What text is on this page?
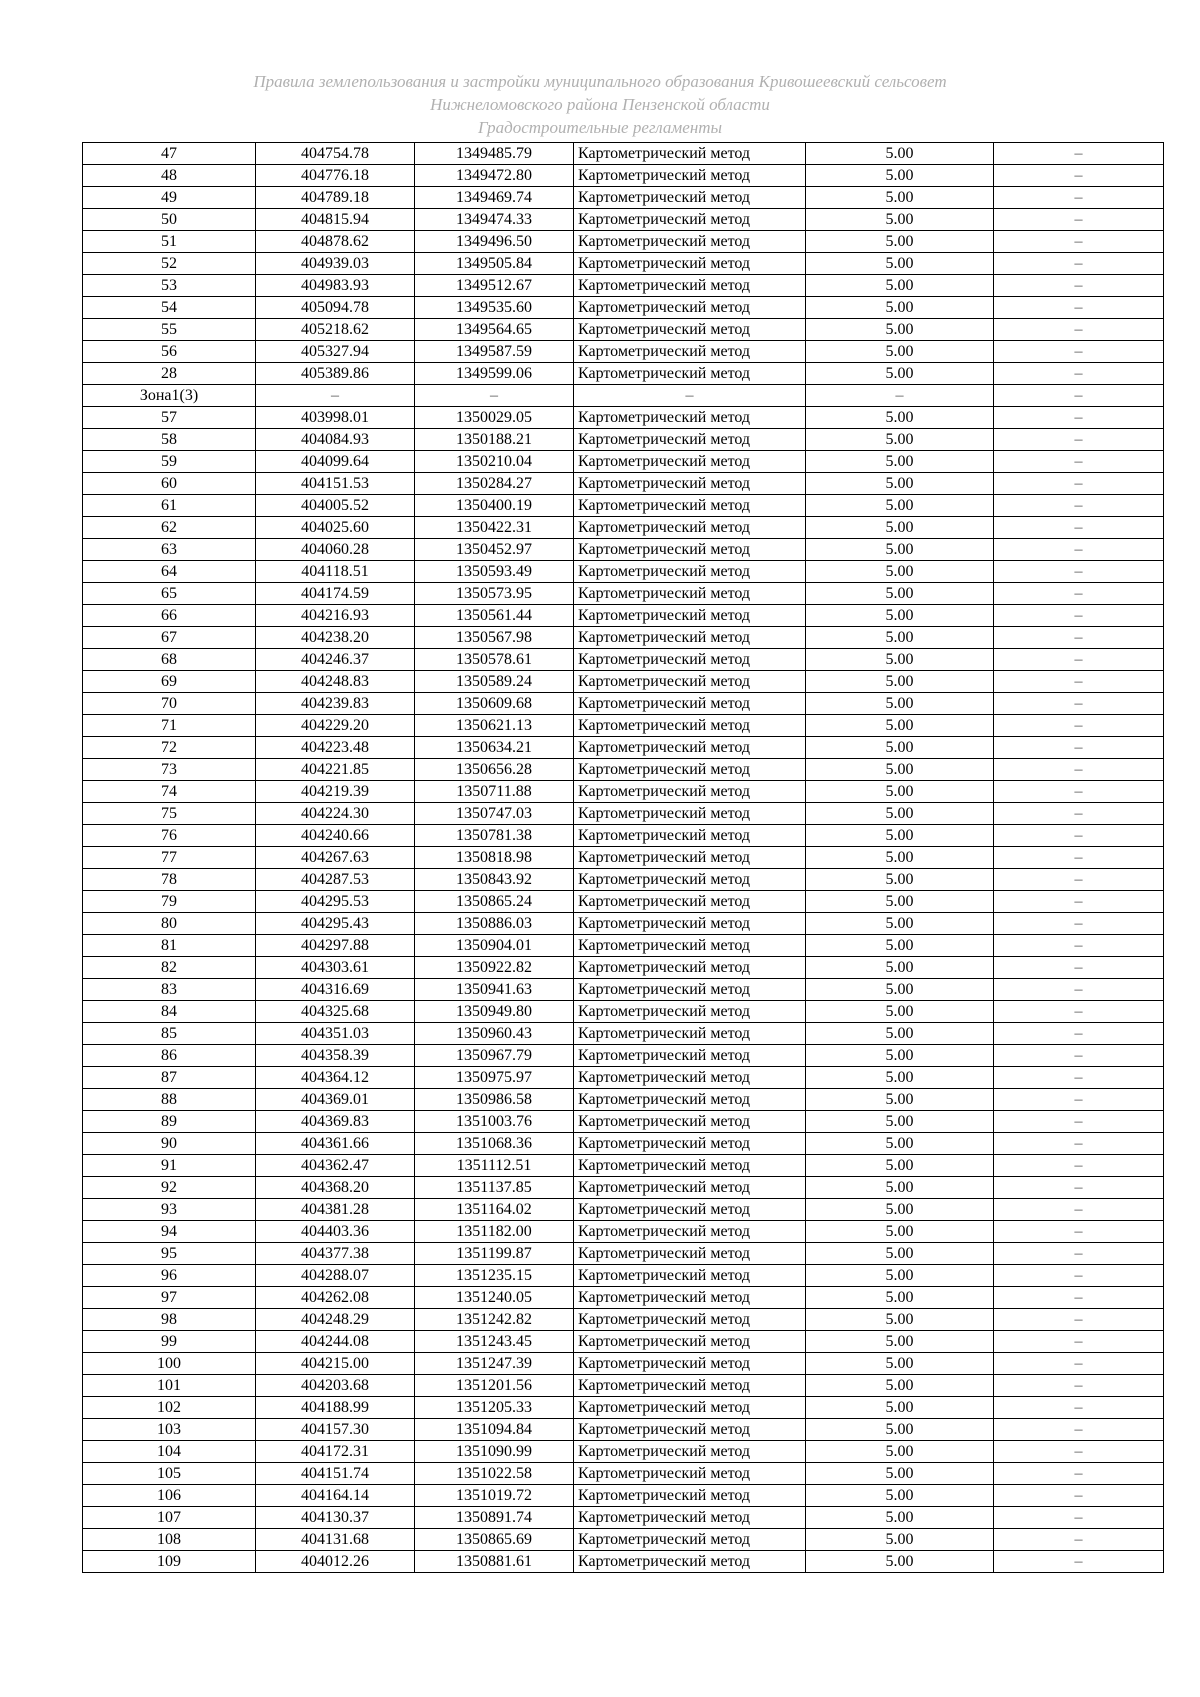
Правила землепользования и застройки муниципального образования Кривошеевский сельсовет
Нижнеломовского района Пензенской области
Градостроительные регламенты
47	404754.78	1349485.79	Картометрический метод	5.00	–
48	404776.18	1349472.80	Картометрический метод	5.00	–
49	404789.18	1349469.74	Картометрический метод	5.00	–
50	404815.94	1349474.33	Картометрический метод	5.00	–
51	404878.62	1349496.50	Картометрический метод	5.00	–
52	404939.03	1349505.84	Картометрический метод	5.00	–
53	404983.93	1349512.67	Картометрический метод	5.00	–
54	405094.78	1349535.60	Картометрический метод	5.00	–
55	405218.62	1349564.65	Картометрический метод	5.00	–
56	405327.94	1349587.59	Картометрический метод	5.00	–
28	405389.86	1349599.06	Картометрический метод	5.00	–
Зона1(3)	–	–	–	–	–
57	403998.01	1350029.05	Картометрический метод	5.00	–
58	404084.93	1350188.21	Картометрический метод	5.00	–
59	404099.64	1350210.04	Картометрический метод	5.00	–
60	404151.53	1350284.27	Картометрический метод	5.00	–
61	404005.52	1350400.19	Картометрический метод	5.00	–
62	404025.60	1350422.31	Картометрический метод	5.00	–
63	404060.28	1350452.97	Картометрический метод	5.00	–
64	404118.51	1350593.49	Картометрический метод	5.00	–
65	404174.59	1350573.95	Картометрический метод	5.00	–
66	404216.93	1350561.44	Картометрический метод	5.00	–
67	404238.20	1350567.98	Картометрический метод	5.00	–
68	404246.37	1350578.61	Картометрический метод	5.00	–
69	404248.83	1350589.24	Картометрический метод	5.00	–
70	404239.83	1350609.68	Картометрический метод	5.00	–
71	404229.20	1350621.13	Картометрический метод	5.00	–
72	404223.48	1350634.21	Картометрический метод	5.00	–
73	404221.85	1350656.28	Картометрический метод	5.00	–
74	404219.39	1350711.88	Картометрический метод	5.00	–
75	404224.30	1350747.03	Картометрический метод	5.00	–
76	404240.66	1350781.38	Картометрический метод	5.00	–
77	404267.63	1350818.98	Картометрический метод	5.00	–
78	404287.53	1350843.92	Картометрический метод	5.00	–
79	404295.53	1350865.24	Картометрический метод	5.00	–
80	404295.43	1350886.03	Картометрический метод	5.00	–
81	404297.88	1350904.01	Картометрический метод	5.00	–
82	404303.61	1350922.82	Картометрический метод	5.00	–
83	404316.69	1350941.63	Картометрический метод	5.00	–
84	404325.68	1350949.80	Картометрический метод	5.00	–
85	404351.03	1350960.43	Картометрический метод	5.00	–
86	404358.39	1350967.79	Картометрический метод	5.00	–
87	404364.12	1350975.97	Картометрический метод	5.00	–
88	404369.01	1350986.58	Картометрический метод	5.00	–
89	404369.83	1351003.76	Картометрический метод	5.00	–
90	404361.66	1351068.36	Картометрический метод	5.00	–
91	404362.47	1351112.51	Картометрический метод	5.00	–
92	404368.20	1351137.85	Картометрический метод	5.00	–
93	404381.28	1351164.02	Картометрический метод	5.00	–
94	404403.36	1351182.00	Картометрический метод	5.00	–
95	404377.38	1351199.87	Картометрический метод	5.00	–
96	404288.07	1351235.15	Картометрический метод	5.00	–
97	404262.08	1351240.05	Картометрический метод	5.00	–
98	404248.29	1351242.82	Картометрический метод	5.00	–
99	404244.08	1351243.45	Картометрический метод	5.00	–
100	404215.00	1351247.39	Картометрический метод	5.00	–
101	404203.68	1351201.56	Картометрический метод	5.00	–
102	404188.99	1351205.33	Картометрический метод	5.00	–
103	404157.30	1351094.84	Картометрический метод	5.00	–
104	404172.31	1351090.99	Картометрический метод	5.00	–
105	404151.74	1351022.58	Картометрический метод	5.00	–
106	404164.14	1351019.72	Картометрический метод	5.00	–
107	404130.37	1350891.74	Картометрический метод	5.00	–
108	404131.68	1350865.69	Картометрический метод	5.00	–
109	404012.26	1350881.61	Картометрический метод	5.00	–
